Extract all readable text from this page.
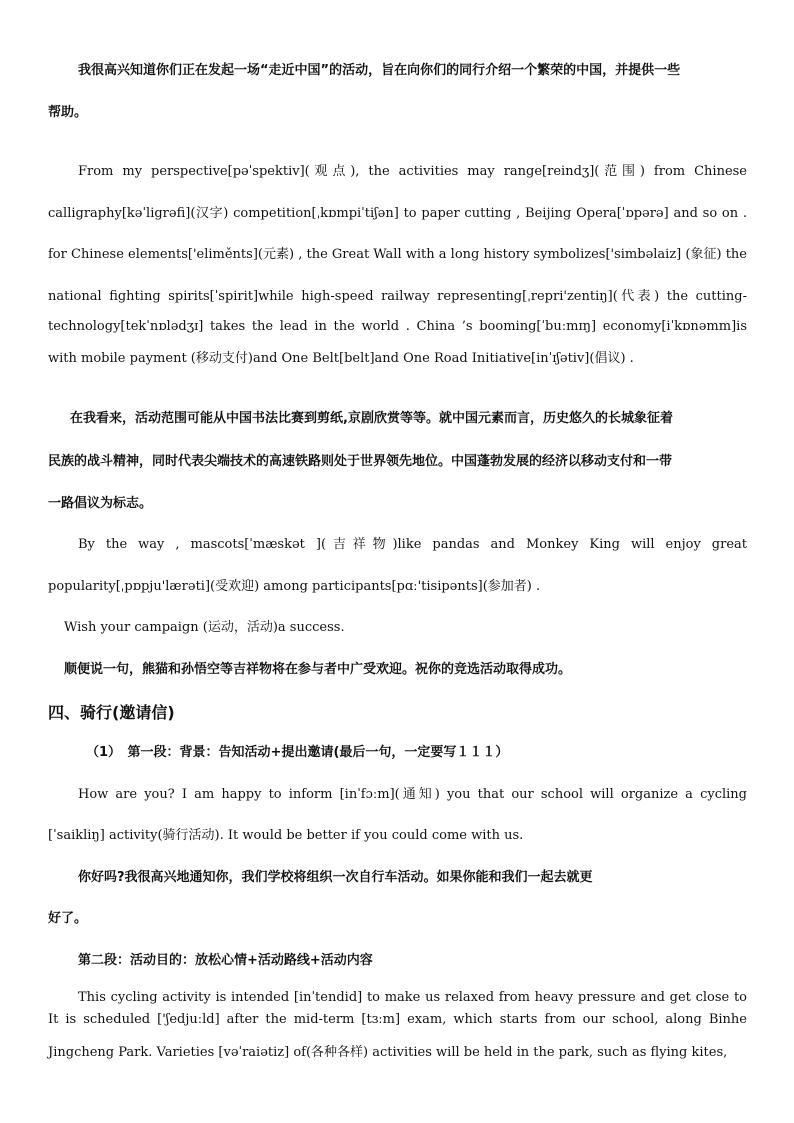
我很高兴知道你们正在发起一场“走近中国”的活动，旨在向你们的同行介绍一个繁荣的中国，并提供一些
帮助。
From my perspective[pəˈspektiv](观点), the activities may range[reindʒ](范围) from Chinese
calligraphy[kəˈligrəfi](汉字) competition[ˌkɒmpiˈtiʃən] to paper cutting , Beijing Opera[ˈɒpərə] and so on .
for Chinese elements['eliměnts](元素) , the Great Wall with a long history symbolizes['simbəlaiz] (象征) the
national fighting spirits[ˈspirit]while high-speed railway representing[ˌrepri'zentiŋ](代表) the cutting-
technology[tekˈnɒlədʒɪ] takes the lead in the world . China ’s booming[ˈbuːmɪŋ] economy[iˈkɒnəmm]is
with mobile payment (移动支付)and One Belt[belt]and One Road Initiative[inˈɪʃətiv](倡议) .
在我看来，活动范围可能从中国书法比赛到剪纸,京剧欣赏等等。就中国元素而言，历史悠久的长城象征着
民族的战斗精神，同时代表尖端技术的高速铁路则处于世界领先地位。中国蓬勃发展的经济以移动支付和一带
一路倡议为标志。
By the way , mascots[ˈmæskət ](吉祥物)like pandas and Monkey King will enjoy great
popularity[ˌpɒpju'lærəti](受欢迎) among participants[pɑː'tisipənts](参加者) .
Wish your campaign (运动，活动)a success.
顺便说一句，熊猫和孙悟空等吉祥物将在参与者中广受欢迎。祝你的竞选活动取得成功。
四、骑行(邀请信)
（1）　第一段：背景：告知活动+提出邀请(最后一句，一定要写１１１）
How are you? I am happy to inform [inˈfɔːm](通知) you that our school will organize a cycling
[ˈsaikliŋ] activity(骑行活动). It would be better if you could come with us.
你好吗?我很高兴地通知你，我们学校将组织一次自行车活动。如果你能和我们一起去就更
好了。
第二段：活动目的：放松心情+活动路线+活动内容
This cycling activity is intended [inˈtendid] to make us relaxed from heavy pressure and get close to
It is scheduled ['ʃedjuːld] after the mid-term [tɜːm] exam, which starts from our school, along Binhe
Jingcheng Park. Varieties [vəˈraiətiz] of(各种各样) activities will be held in the park, such as flying kites,
